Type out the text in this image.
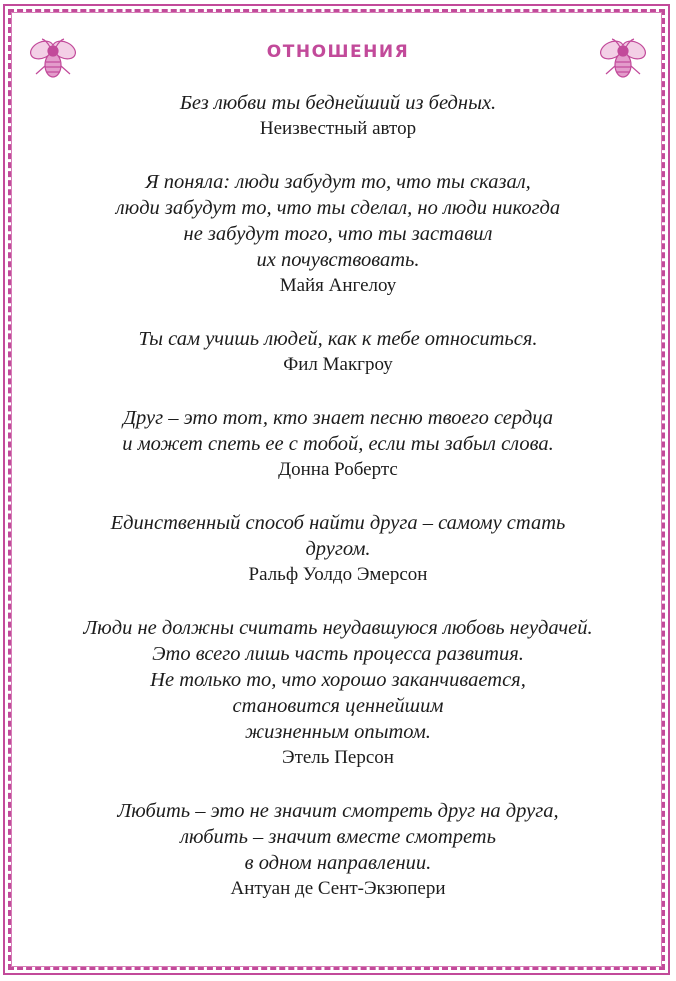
ОТНОШЕНИЯ
Без любви ты беднейший из бедных.
Неизвестный автор
Я поняла: люди забудут то, что ты сказал,
люди забудут то, что ты сделал, но люди никогда
не забудут того, что ты заставил
их почувствовать.
Майя Ангелоу
Ты сам учишь людей, как к тебе относиться.
Фил Макгроу
Друг – это тот, кто знает песню твоего сердца
и может спеть ее с тобой, если ты забыл слова.
Донна Робертс
Единственный способ найти друга – самому стать
другом.
Ральф Уолдо Эмерсон
Люди не должны считать неудавшуюся любовь неудачей.
Это всего лишь часть процесса развития.
Не только то, что хорошо заканчивается,
становится ценнейшим
жизненным опытом.
Этель Персон
Любить – это не значит смотреть друг на друга,
любить – значит вместе смотреть
в одном направлении.
Антуан де Сент-Экзюпери
